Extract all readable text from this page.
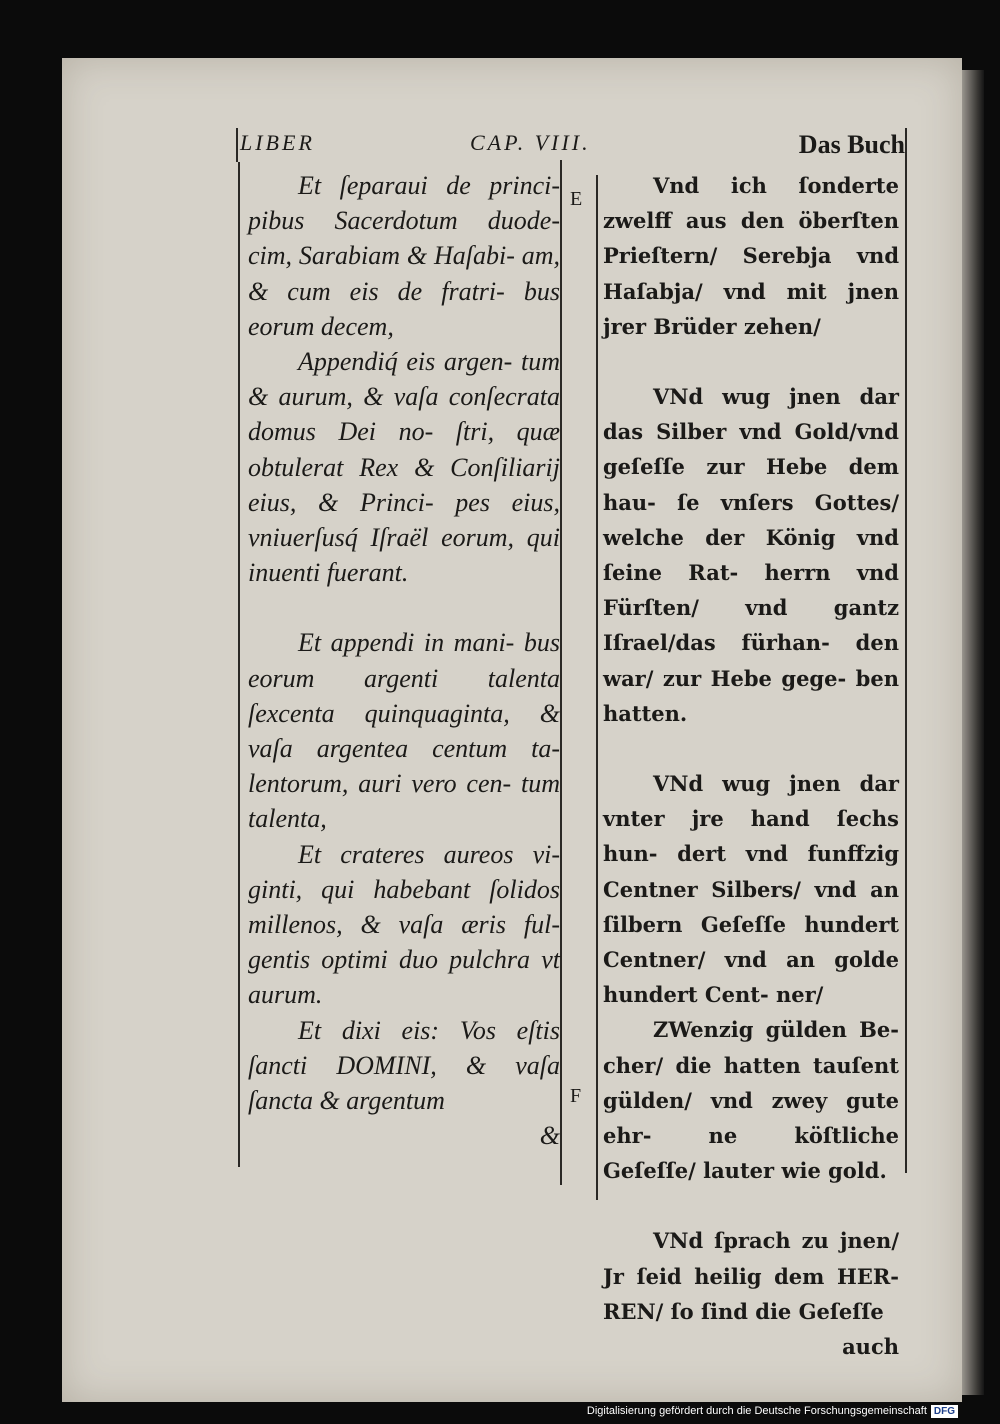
LIBER	CAP. VIII.	Das Buch
E
F

Et ſeparaui de princi- pibus Sacerdotum duode- cim, Sarabiam & Haſabi- am, & cum eis de fratri- bus eorum decem,

Appendiq́ eis argen- tum & aurum, & vaſa conſecrata domus Dei no- ſtri, quæ obtulerat Rex & Conſiliarij eius, & Princi- pes eius, vniuerſusq́ Iſraël eorum, qui inuenti fuerant.

Et appendi in mani- bus eorum argenti talenta ſexcenta quinquaginta, & vaſa argentea centum ta- lentorum, auri vero cen- tum talenta,

Et crateres aureos vi- ginti, qui habebant ſolidos millenos, & vaſa æris ful- gentis optimi duo pulchra vt aurum.

Et dixi eis: Vos eſtis ſancti DOMINI, & vaſa ſancta & argentum

&

Vnd ich ſonderte zwelff aus den öberſten Prieſtern/ Serebja vnd Haſabja/ vnd mit jnen jrer Brüder zehen/

VNd wug jnen dar das Silber vnd Gold/vnd geſeſſe zur Hebe dem hau- ſe vnſers Gottes/ welche der König vnd ſeine Rat- herrn vnd Fürſten/ vnd gantz Iſrael/das fürhan- den war/ zur Hebe gege- ben hatten.

VNd wug jnen dar vnter jre hand ſechs hun- dert vnd funffzig Centner Silbers/ vnd an ſilbern Geſeſſe hundert Centner/ vnd an golde hundert Cent- ner/

ZWenzig gülden Be- cher/ die hatten tauſent gülden/ vnd zwey gute ehr- ne köſtliche Geſeſſe/ lauter wie gold.

VNd ſprach zu jnen/ Jr ſeid heilig dem HER- REN/ ſo ſind die Geſeſſe

auch

Digitalisierung gefördert durch die Deutsche Forschungsgemeinschaft DFG
